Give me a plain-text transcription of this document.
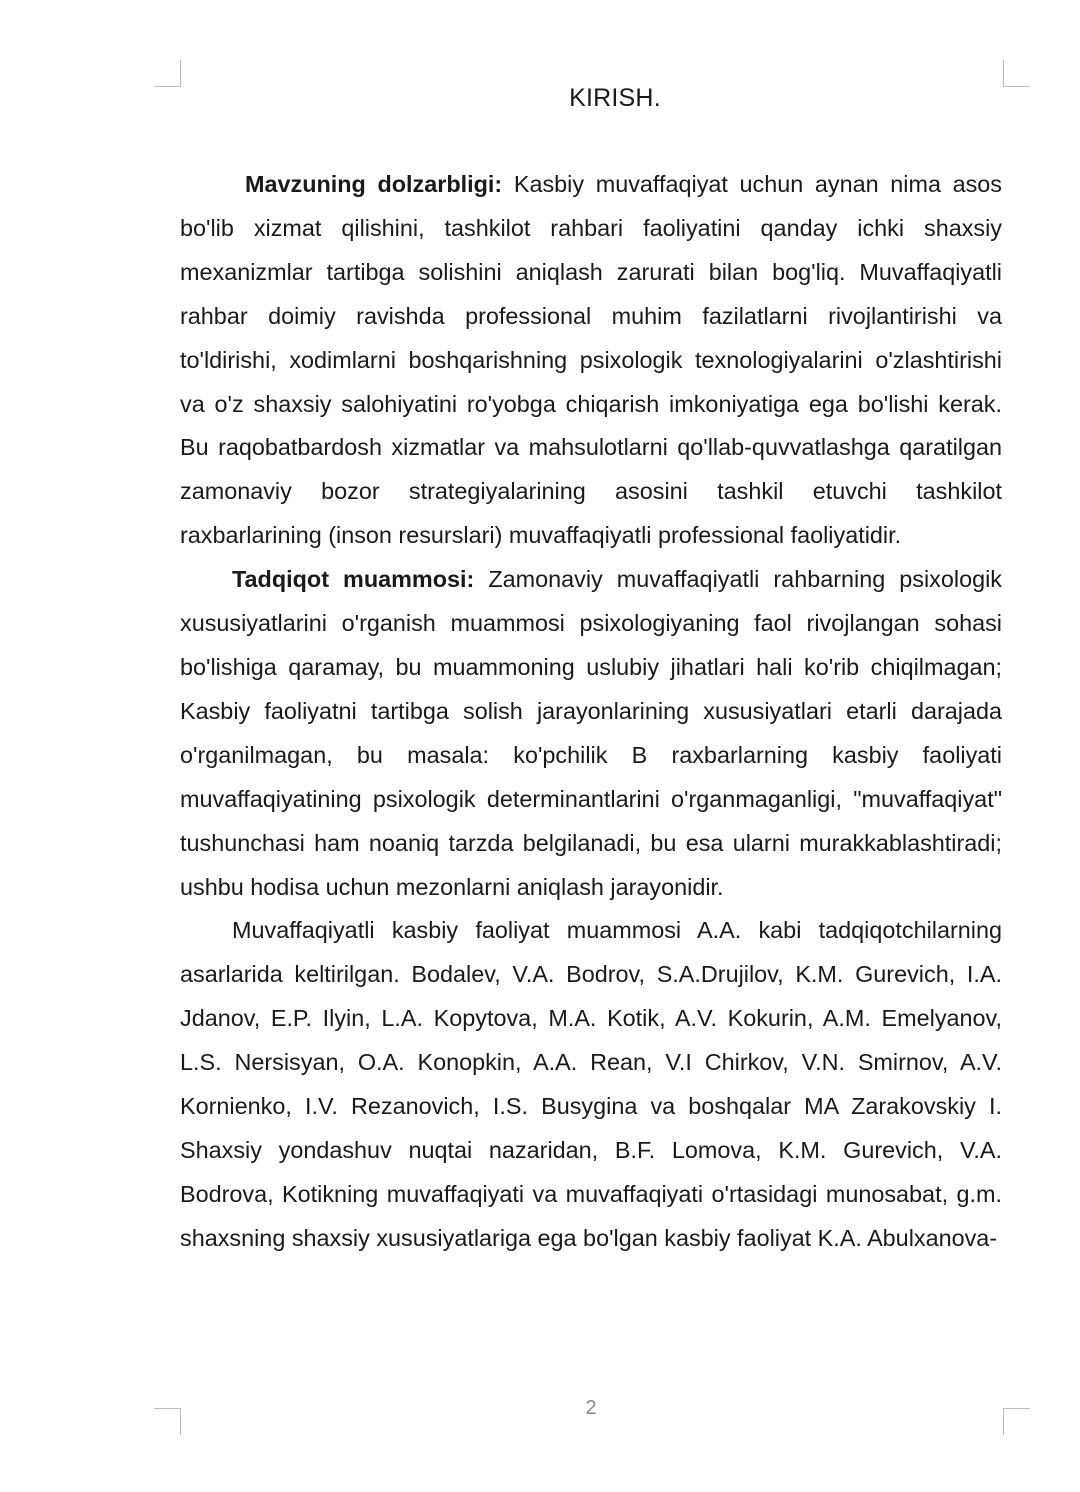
KIRISH.

Mavzuning dolzarbligi: Kasbiy muvaffaqiyat uchun aynan nima asos bo'lib xizmat qilishini, tashkilot rahbari faoliyatini qanday ichki shaxsiy mexanizmlar tartibga solishini aniqlash zarurati bilan bog'liq. Muvaffaqiyatli rahbar doimiy ravishda professional muhim fazilatlarni rivojlantirishi va to'ldirishi, xodimlarni boshqarishning psixologik texnologiyalarini o'zlashtirishi va o'z shaxsiy salohiyatini ro'yobga chiqarish imkoniyatiga ega bo'lishi kerak. Bu raqobatbardosh xizmatlar va mahsulotlarni qo'llab-quvvatlashga qaratilgan zamonaviy bozor strategiyalarining asosini tashkil etuvchi tashkilot raxbarlarining (inson resurslari) muvaffaqiyatli professional faoliyatidir.

Tadqiqot muammosi: Zamonaviy muvaffaqiyatli rahbarning psixologik xususiyatlarini o'rganish muammosi psixologiyaning faol rivojlangan sohasi bo'lishiga qaramay, bu muammoning uslubiy jihatlari hali ko'rib chiqilmagan; Kasbiy faoliyatni tartibga solish jarayonlarining xususiyatlari etarli darajada o'rganilmagan, bu masala: ko'pchilik B raxbarlarning kasbiy faoliyati muvaffaqiyatining psixologik determinantlarini o'rganmaganligi, "muvaffaqiyat" tushunchasi ham noaniq tarzda belgilanadi, bu esa ularni murakkablashtiradi; ushbu hodisa uchun mezonlarni aniqlash jarayonidir.

Muvaffaqiyatli kasbiy faoliyat muammosi A.A. kabi tadqiqotchilarning asarlarida keltirilgan. Bodalev, V.A. Bodrov, S.A.Drujilov, K.M. Gurevich, I.A. Jdanov, E.P. Ilyin, L.A. Kopytova, M.A. Kotik, A.V. Kokurin, A.M. Emelyanov, L.S. Nersisyan, O.A. Konopkin, A.A. Rean, V.I Chirkov, V.N. Smirnov, A.V. Kornienko, I.V. Rezanovich, I.S. Busygina va boshqalar MA Zarakovskiy I. Shaxsiy yondashuv nuqtai nazaridan, B.F. Lomova, K.M. Gurevich, V.A. Bodrova, Kotikning muvaffaqiyati va muvaffaqiyati o'rtasidagi munosabat, g.m. shaxsning shaxsiy xususiyatlariga ega bo'lgan kasbiy faoliyat K.A. Abulxanova-

2
